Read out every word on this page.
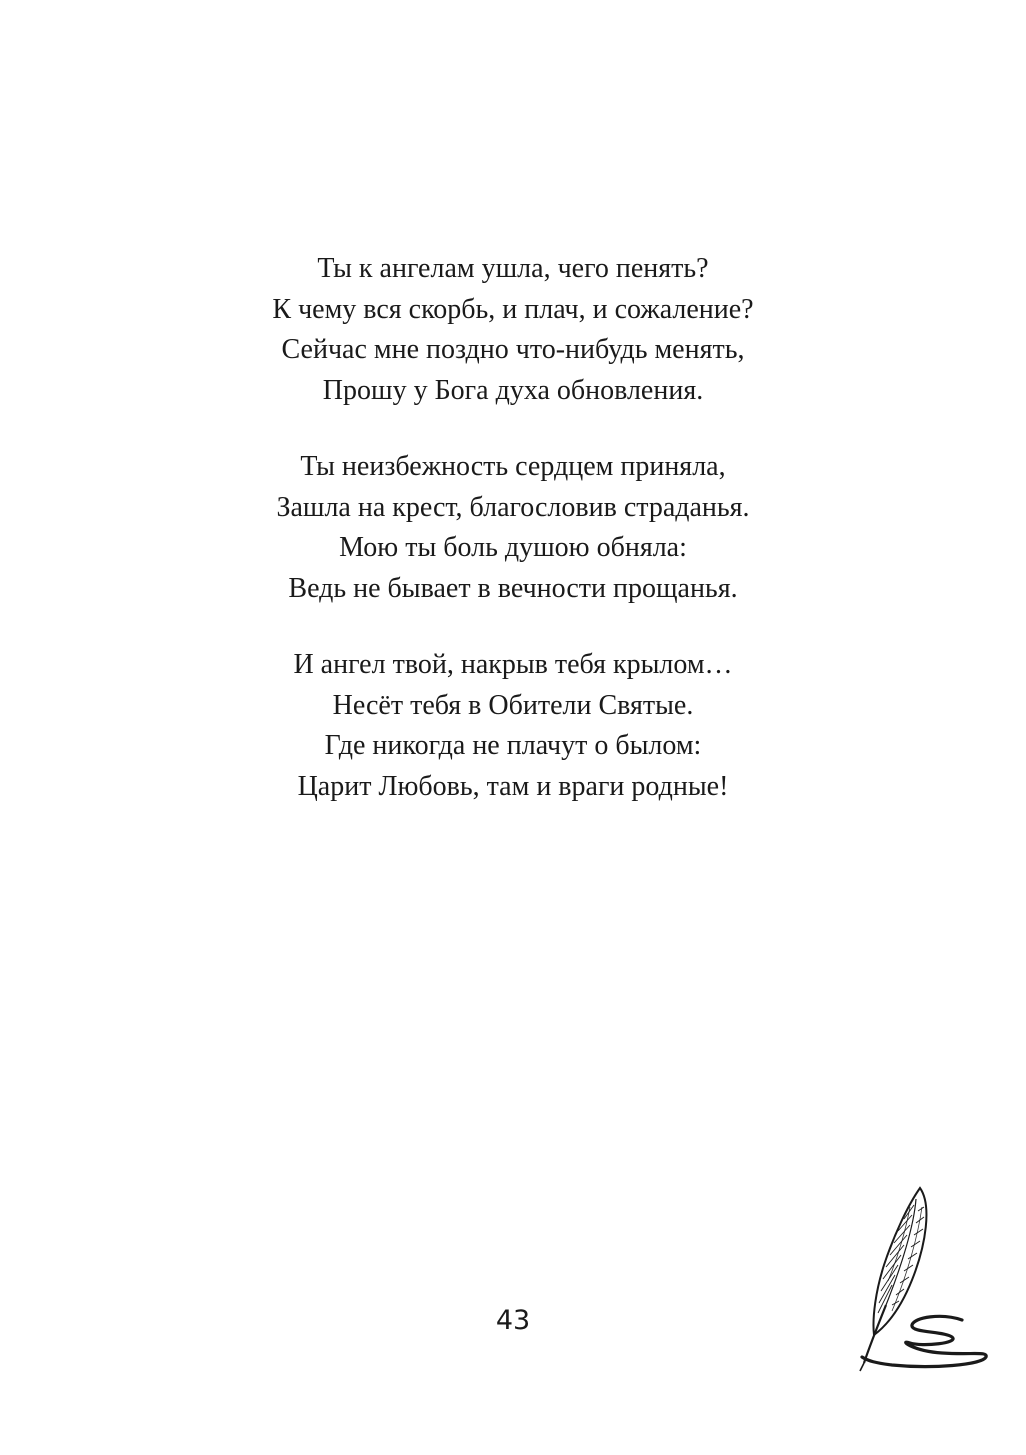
Ты к ангелам ушла, чего пенять?
К чему вся скорбь, и плач, и сожаление?
Сейчас мне поздно что-нибудь менять,
Прошу у Бога духа обновления.
Ты неизбежность сердцем приняла,
Зашла на крест, благословив страданья.
Мою ты боль душою обняла:
Ведь не бывает в вечности прощанья.
И ангел твой, накрыв тебя крылом…
Несёт тебя в Обители Святые.
Где никогда не плачут о былом:
Царит Любовь, там и враги родные!
43
